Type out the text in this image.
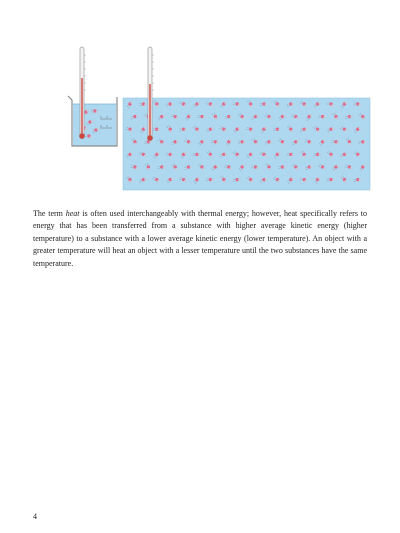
The term heat is often used interchangeably with thermal energy; however, heat specifically refers to energy that has been transferred from a substance with higher average kinetic energy (higher temperature) to a substance with a lower average kinetic energy (lower temperature). An object with a greater temperature will heat an object with a lesser temperature until the two substances have the same temperature.

4
